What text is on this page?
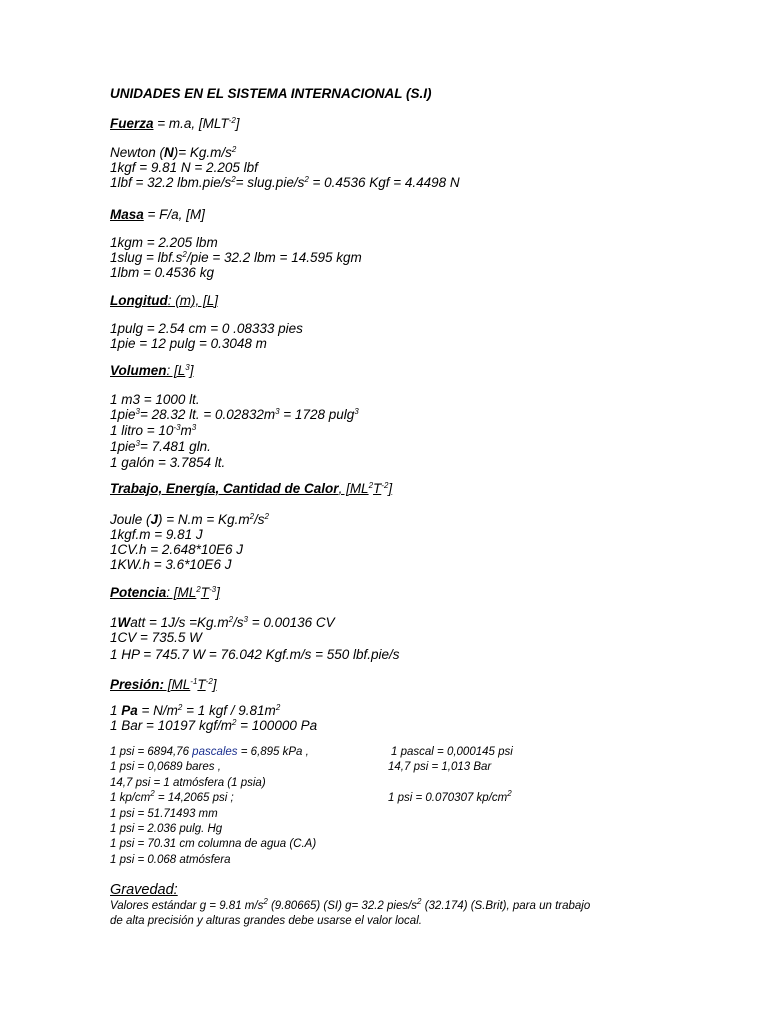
UNIDADES EN EL SISTEMA INTERNACIONAL (S.I)
Fuerza = m.a, $[MLT^{-2}]$
Newton $(N)= Kg.m/s^2$
1kgf = 9.81 N = 2.205 lbf
1lbf = 32.2 $lbm.pie/s^2=$ $slug.pie/s^2 = 0.4536$ Kgf = 4.4498 N
Masa = F/a, [M]
1kgm = 2.205 lbm
1slug = $lbf.s^2$/pie = 32.2 lbm = 14.595 kgm
1lbm = 0.4536 kg
Longitud: (m), [L]
1pulg = 2.54 cm = 0 .08333 pies
1pie = 12 pulg = 0.3048 m
Volumen: $[L^3]$
1 m3 = 1000 lt.
1pie$^3$= 28.32 lt. = $0.02832m^3 = 1728$ pulg$^3$
1 litro = $10^{-3}m^3$
1pie$^3$= 7.481 gln.
1 galón = 3.7854 lt.
Trabajo, Energía, Cantidad de Calor, $[ML^2T^{-2}]$
Joule $(J) = N.m = Kg.m^2/s^2$
1kgf.m = 9.81 J
1CV.h = 2.648*10E6 J
1KW.h = 3.6*10E6 J
Potencia: $[ML^2T^{-3}]$
1Watt = $1J/s =Kg.m^2/s^3 = 0.00136$ CV
1CV = 735.5 W
1 HP = 745.7 W = 76.042 Kgf.m/s = 550 lbf.pie/s
Presión: $[ML^{-1}T^{-2}]$
1 $Pa = N/m^2 = 1$ kgf / $9.81m^2$
1 Bar = 10197 kgf/$m^2 = 100000$ Pa
1 psi = 6894,76 pascales = 6,895 kPa ,	1 pascal = 0,000145 psi
1 psi = 0,0689 bares ,	14,7 psi = 1,013 Bar
14,7 psi = 1 atmósfera (1 psia)
1 $kp/cm^2 = 14,2065$ psi ;	1 psi = 0.070307 $kp/cm^2$
1 psi = 51.71493 mm
1 psi = 2.036 pulg. Hg
1 psi = 70.31 cm columna de agua (C.A)
1 psi = 0.068 atmósfera
Gravedad:
Valores estándar g = 9.81 $m/s^2$ (9.80665) (SI) g= 32.2 pies/$s^2$ (32.174) (S.Brit), para un trabajo
de alta precisión y alturas grandes debe usarse el valor local.
